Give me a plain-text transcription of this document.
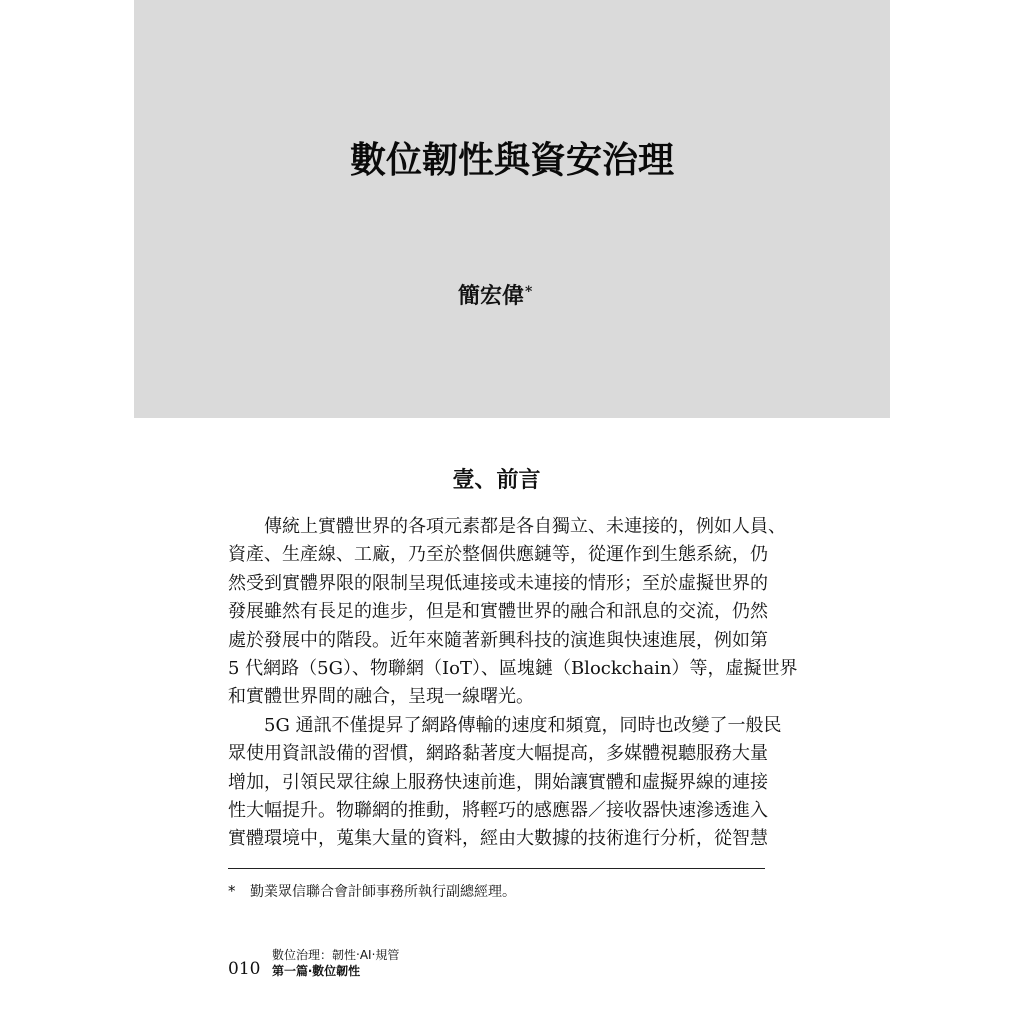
數位韌性與資安治理
簡宏偉*
壹、前言
傳統上實體世界的各項元素都是各自獨立、未連接的，例如人員、
資產、生產線、工廠，乃至於整個供應鏈等，從運作到生態系統，仍
然受到實體界限的限制呈現低連接或未連接的情形；至於虛擬世界的
發展雖然有長足的進步，但是和實體世界的融合和訊息的交流，仍然
處於發展中的階段。近年來隨著新興科技的演進與快速進展，例如第
5 代網路（5G）、物聯網（IoT）、區塊鏈（Blockchain）等，虛擬世界
和實體世界間的融合，呈現一線曙光。
5G 通訊不僅提昇了網路傳輸的速度和頻寬，同時也改變了一般民
眾使用資訊設備的習慣，網路黏著度大幅提高，多媒體視聽服務大量
增加，引領民眾往線上服務快速前進，開始讓實體和虛擬界線的連接
性大幅提升。物聯網的推動，將輕巧的感應器／接收器快速滲透進入
實體環境中，蒐集大量的資料，經由大數據的技術進行分析，從智慧
* 勤業眾信聯合會計師事務所執行副總經理。
010
數位治理：韌性‧AI‧規管
第一篇‧數位韌性
